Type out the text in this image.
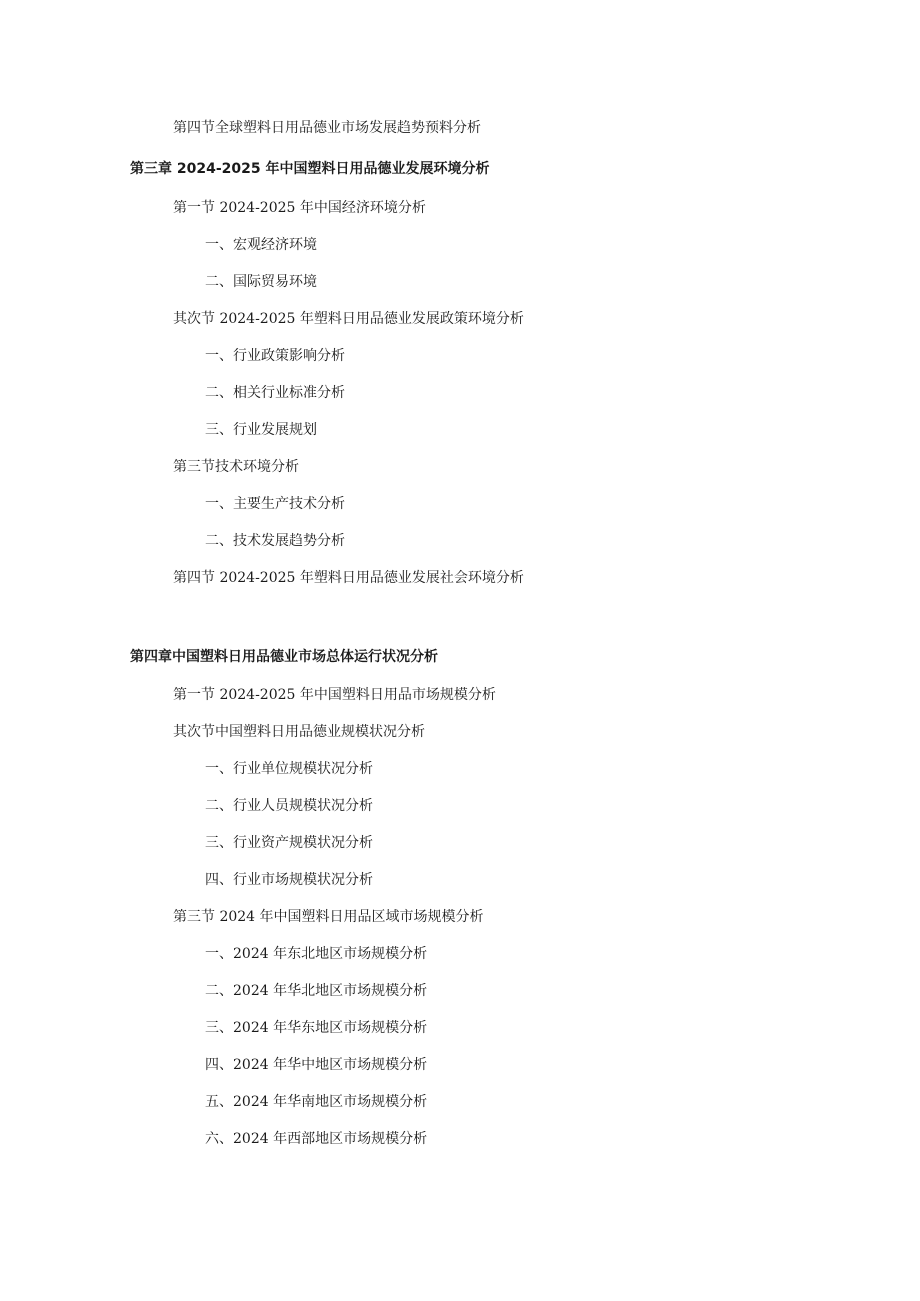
第四节全球塑料日用品德业市场发展趋势预料分析
第三章 2024-2025 年中国塑料日用品德业发展环境分析
第一节 2024-2025 年中国经济环境分析
一、宏观经济环境
二、国际贸易环境
其次节 2024-2025 年塑料日用品德业发展政策环境分析
一、行业政策影响分析
二、相关行业标准分析
三、行业发展规划
第三节技术环境分析
一、主要生产技术分析
二、技术发展趋势分析
第四节 2024-2025 年塑料日用品德业发展社会环境分析
第四章中国塑料日用品德业市场总体运行状况分析
第一节 2024-2025 年中国塑料日用品市场规模分析
其次节中国塑料日用品德业规模状况分析
一、行业单位规模状况分析
二、行业人员规模状况分析
三、行业资产规模状况分析
四、行业市场规模状况分析
第三节 2024 年中国塑料日用品区域市场规模分析
一、2024 年东北地区市场规模分析
二、2024 年华北地区市场规模分析
三、2024 年华东地区市场规模分析
四、2024 年华中地区市场规模分析
五、2024 年华南地区市场规模分析
六、2024 年西部地区市场规模分析
